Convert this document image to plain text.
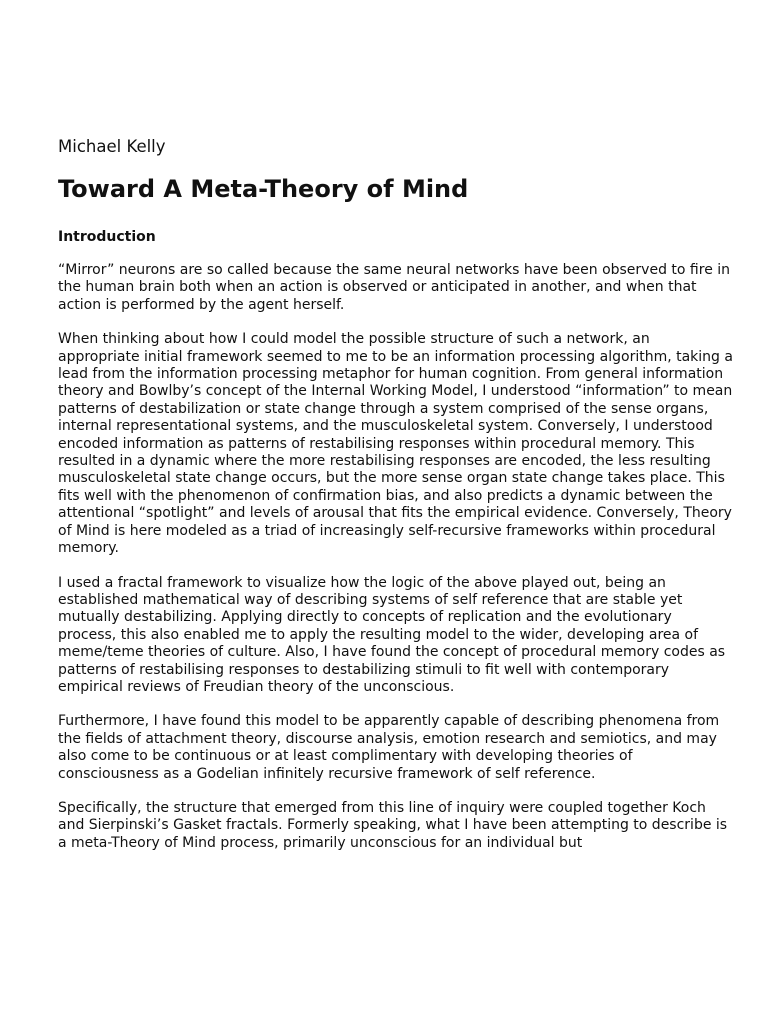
Michael Kelly
Toward A Meta-Theory of Mind
Introduction

“Mirror” neurons are so called because the same neural networks have been observed to fire in the human brain both when an action is observed or anticipated in another, and when that action is performed by the agent herself.

When thinking about how I could model the possible structure of such a network, an appropriate initial framework seemed to me to be an information processing algorithm, taking a lead from the information processing metaphor for human cognition. From general information theory and Bowlby’s concept of the Internal Working Model, I understood “information” to mean patterns of destabilization or state change through a system comprised of the sense organs, internal representational systems, and the musculoskeletal system. Conversely, I understood encoded information as patterns of restabilising responses within procedural memory. This resulted in a dynamic where the more restabilising responses are encoded, the less resulting musculoskeletal state change occurs, but the more sense organ state change takes place. This fits well with the phenomenon of confirmation bias, and also predicts a dynamic between the attentional “spotlight” and levels of arousal that fits the empirical evidence. Conversely, Theory of Mind is here modeled as a triad of increasingly self-recursive frameworks within procedural memory.

I used a fractal framework to visualize how the logic of the above played out, being an established mathematical way of describing systems of self reference that are stable yet mutually destabilizing. Applying directly to concepts of replication and the evolutionary process, this also enabled me to apply the resulting model to the wider, developing area of meme/teme theories of culture. Also, I have found the concept of procedural memory codes as patterns of restabilising responses to destabilizing stimuli to fit well with contemporary empirical reviews of Freudian theory of the unconscious.

Furthermore, I have found this model to be apparently capable of describing phenomena from the fields of attachment theory, discourse analysis, emotion research and semiotics, and may also come to be continuous or at least complimentary with developing theories of consciousness as a Godelian infinitely recursive framework of self reference.

Specifically, the structure that emerged from this line of inquiry were coupled together Koch and Sierpinski’s Gasket fractals. Formerly speaking, what I have been attempting to describe is a meta-Theory of Mind process, primarily unconscious for an individual but
